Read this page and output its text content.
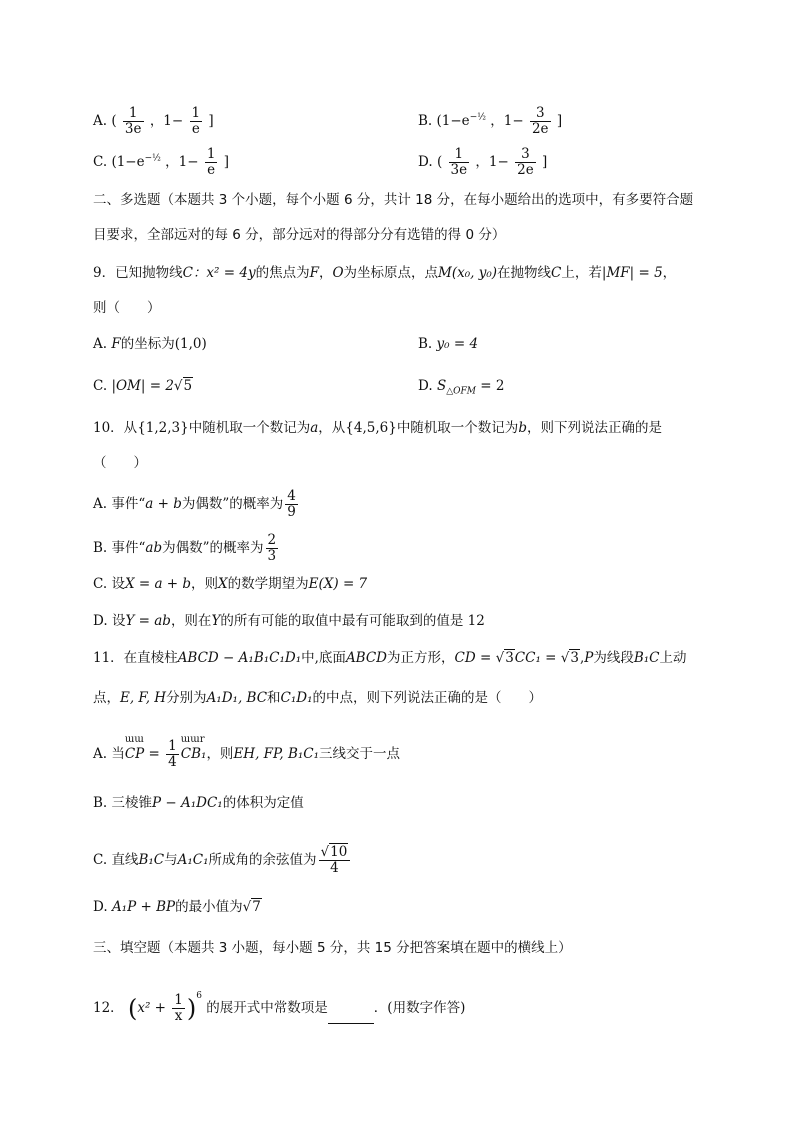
A. ( $\frac{1}{3e}$ ，$1- \frac{1}{e}$ ]	B. ($1-e^{-\frac{1}{2}}$ ，$1- \frac{3}{2e}$ ]
C. ($1-e^{-\frac{1}{2}}$ ，$1- \frac{1}{e}$ ]	D. ( $\frac{1}{3e}$ ，$1- \frac{3}{2e}$ ]
二、多选题（本题共 3 个小题，每个小题 6 分，共计 18 分，在每小题给出的选项中，有多要符合题
目要求，全部远对的每 6 分，部分远对的得部分分有选错的得 0 分）
9．已知抛物线C：x² = 4y的焦点为F，O为坐标原点，点M(x₀, y₀)在抛物线C上，若|MF| = 5，
则（　　）
A. F的坐标为(1,0)	B. y₀ = 4
C. |OM| = 2√5	D. $S_{\triangle OFM} = 2$
10．从{1,2,3}中随机取一个数记为a，从{4,5,6}中随机取一个数记为b，则下列说法正确的是
（　　）
A. 事件“a + b为偶数”的概率为 $\frac{4}{9}$
B. 事件“ab为偶数”的概率为 $\frac{2}{3}$
C. 设X = a + b，则X的数学期望为E(X) = 7
D. 设Y = ab，则在Y的所有可能的取值中最有可能取到的值是 12
11．在直棱柱ABCD − A₁B₁C₁D₁中,底面ABCD为正方形，CD = √3CC₁ = √3,P为线段B₁C上动
点，E, F, H分别为A₁D₁, BC和C₁D₁的中点，则下列说法正确的是（　　）
A. 当
ɯɯ
CP = $\frac{1}{4}$ ɯɯr
CB₁，则EH, FP, B₁C₁三线交于一点
B. 三棱锥P − A₁DC₁的体积为定值
C. 直线B₁C与A₁C₁所成角的余弦值为 $\frac{√10}{4}$
D. A₁P + BP的最小值为√7
三、填空题（本题共 3 小题，每小题 5 分，共 15 分把答案填在题中的横线上）
12． $(x^2 + \frac{1}{x} )^6$ 的展开式中常数项是	．(用数字作答)
